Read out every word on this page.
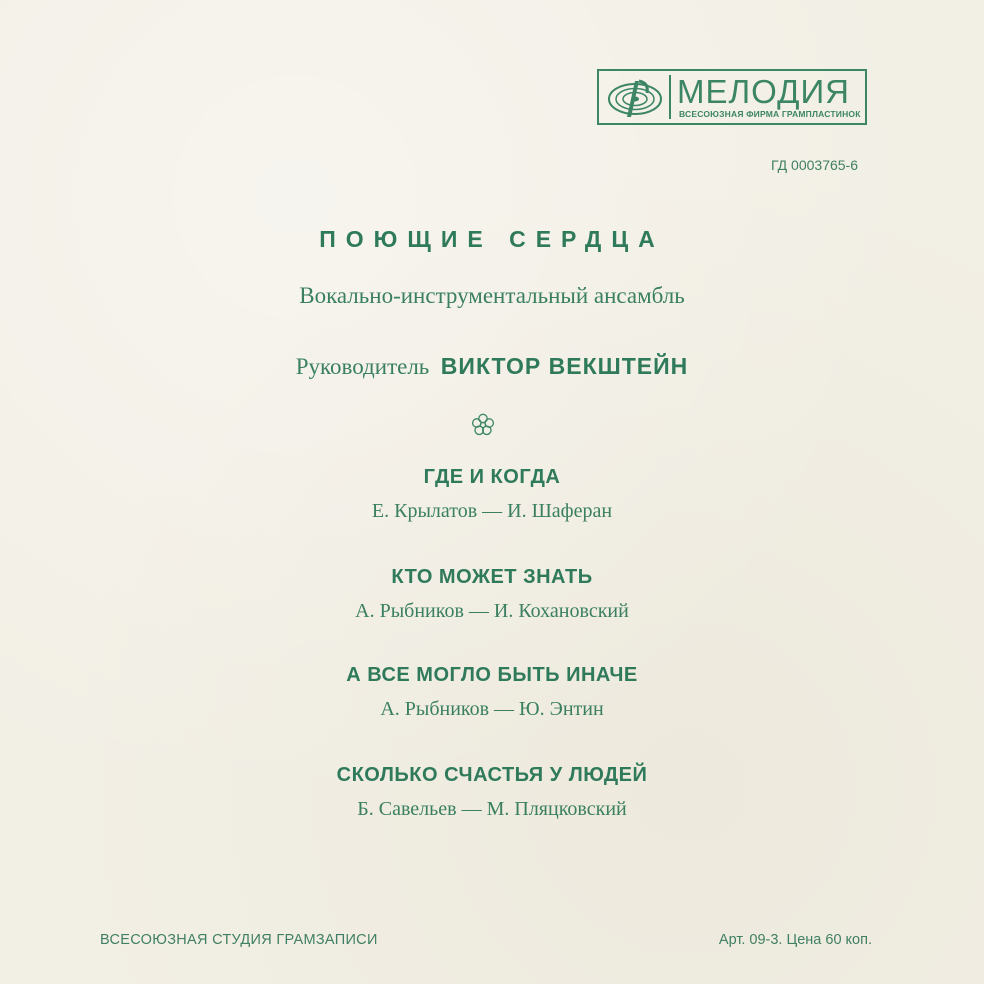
МЕЛОДИЯ
ВСЕСОЮЗНАЯ ФИРМА ГРАМПЛАСТИНОК
ГД 0003765-6
ПОЮЩИЕ СЕРДЦА
Вокально-инструментальный ансамбль
Руководитель ВИКТОР ВЕКШТЕЙН
ГДЕ И КОГДА
Е. Крылатов — И. Шаферан
КТО МОЖЕТ ЗНАТЬ
А. Рыбников — И. Кохановский
А ВСЕ МОГЛО БЫТЬ ИНАЧЕ
А. Рыбников — Ю. Энтин
СКОЛЬКО СЧАСТЬЯ У ЛЮДЕЙ
Б. Савельев — М. Пляцковский
ВСЕСОЮЗНАЯ СТУДИЯ ГРАМЗАПИСИ	Арт. 09-3. Цена 60 коп.
